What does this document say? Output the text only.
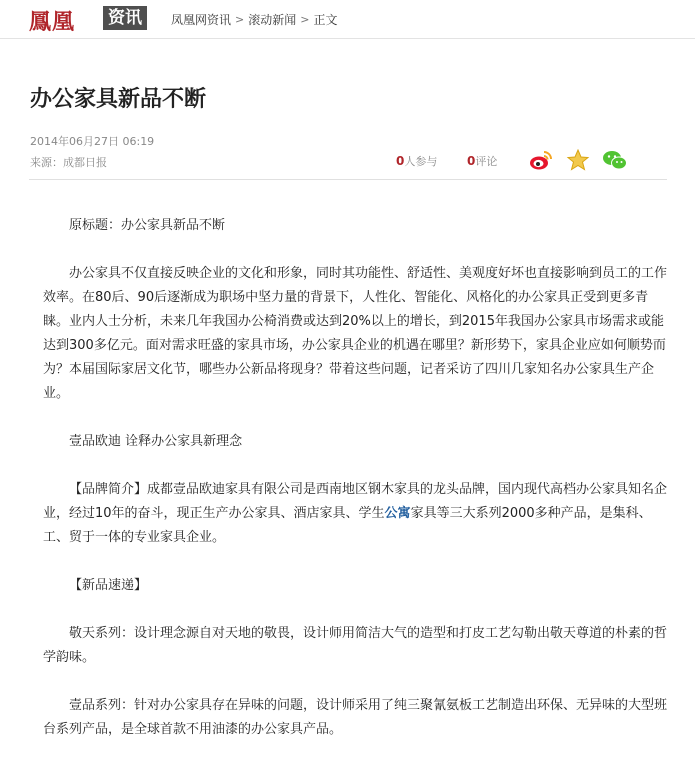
鳳凰 资讯	凤凰网资讯 > 滚动新闻 > 正文
办公家具新品不断
2014年06月27日 06:19
来源：成都日报	0人参与 0评论

原标题：办公家具新品不断

办公家具不仅直接反映企业的文化和形象，同时其功能性、舒适性、美观度好坏也直接影响到员工的工作效率。在80后、90后逐渐成为职场中坚力量的背景下，人性化、智能化、风格化的办公家具正受到更多青睐。业内人士分析，未来几年我国办公椅消费或达到20%以上的增长，到2015年我国办公家具市场需求或能达到300多亿元。面对需求旺盛的家具市场，办公家具企业的机遇在哪里？新形势下，家具企业应如何顺势而为？本届国际家居文化节，哪些办公新品将现身？带着这些问题，记者采访了四川几家知名办公家具生产企业。

壹品欧迪 诠释办公家具新理念

【品牌简介】成都壹品欧迪家具有限公司是西南地区钢木家具的龙头品牌，国内现代高档办公家具知名企业，经过10年的奋斗，现正生产办公家具、酒店家具、学生公寓家具等三大系列2000多种产品，是集科、工、贸于一体的专业家具企业。

【新品速递】

敬天系列：设计理念源自对天地的敬畏，设计师用简洁大气的造型和打皮工艺勾勒出敬天尊道的朴素的哲学韵味。

壹品系列：针对办公家具存在异味的问题，设计师采用了纯三聚氰氨板工艺制造出环保、无异味的大型班台系列产品，是全球首款不用油漆的办公家具产品。
